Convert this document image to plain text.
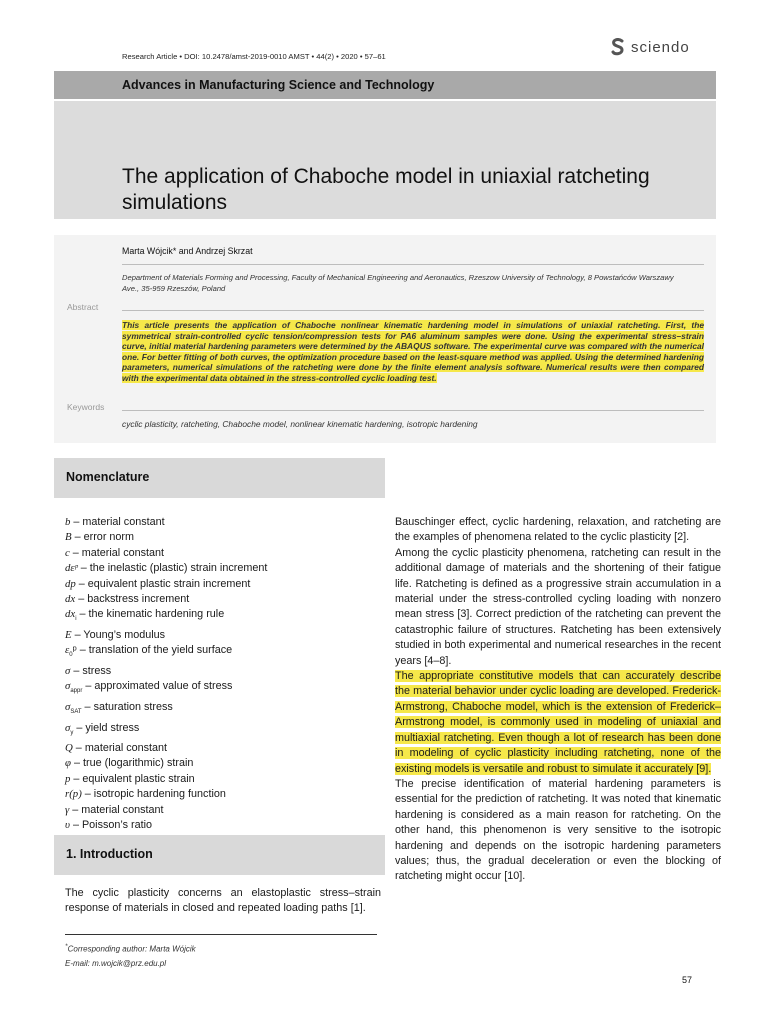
Research Article • DOI: 10.2478/amst-2019-0010 AMST • 44(2) • 2020 • 57–61
sciendo
Advances in Manufacturing Science and Technology
The application of Chaboche model in uniaxial ratcheting simulations
Marta Wójcik* and Andrzej Skrzat
Department of Materials Forming and Processing, Faculty of Mechanical Engineering and Aeronautics, Rzeszow University of Technology, 8 Powstańców Warszawy Ave., 35-959 Rzeszów, Poland
Abstract
This article presents the application of Chaboche nonlinear kinematic hardening model in simulations of uniaxial ratcheting. First, the symmetrical strain-controlled cyclic tension/compression tests for PA6 aluminum samples were done. Using the experimental stress–strain curve, initial material hardening parameters were determined by the ABAQUS software. The experimental curve was compared with the numerical one. For better fitting of both curves, the optimization procedure based on the least-square method was applied. Using the determined hardening parameters, numerical simulations of the ratcheting were done by the finite element analysis software. Numerical results were then compared with the experimental data obtained in the stress-controlled cyclic loading test.
Keywords
cyclic plasticity, ratcheting, Chaboche model, nonlinear kinematic hardening, isotropic hardening
Nomenclature
b – material constant
B – error norm
c – material constant
dεᵖ – the inelastic (plastic) strain increment
dp – equivalent plastic strain increment
dx – backstress increment
$dx_i$ – the kinematic hardening rule
E – Young’s modulus
$\varepsilon_0ᵖ$ – translation of the yield surface
σ – stress
$\sigma_{appr}$ – approximated value of stress
$\sigma_{SAT}$ – saturation stress
$\sigma_y$ – yield stress
Q – material constant
φ – true (logarithmic) strain
p – equivalent plastic strain
r(p) – isotropic hardening function
γ – material constant
υ – Poisson’s ratio
1. Introduction
The cyclic plasticity concerns an elastoplastic stress–strain response of materials in closed and repeated loading paths [1].

Bauschinger effect, cyclic hardening, relaxation, and ratcheting are the examples of phenomena related to the cyclic plasticity [2].

Among the cyclic plasticity phenomena, ratcheting can result in the additional damage of materials and the shortening of their fatigue life. Ratcheting is defined as a progressive strain accumulation in a material under the stress-controlled cycling loading with nonzero mean stress [3]. Correct prediction of the ratcheting can prevent the catastrophic failure of structures. Ratcheting has been extensively studied in both experimental and numerical researches in the recent years [4–8].

The appropriate constitutive models that can accurately describe the material behavior under cyclic loading are developed. Frederick-Armstrong, Chaboche model, which is the extension of Frederick–Armstrong model, is commonly used in modeling of uniaxial and multiaxial ratcheting. Even though a lot of research has been done in modeling of cyclic plasticity including ratcheting, none of the existing models is versatile and robust to simulate it accurately [9].

The precise identification of material hardening parameters is essential for the prediction of ratcheting. It was noted that kinematic hardening is considered as a main reason for ratcheting. On the other hand, this phenomenon is very sensitive to the isotropic hardening and depends on the isotropic hardening parameters values; thus, the gradual deceleration or even the blocking of ratcheting might occur [10].

*Corresponding author: Marta Wójcik
E-mail: m.wojcik@prz.edu.pl
57
